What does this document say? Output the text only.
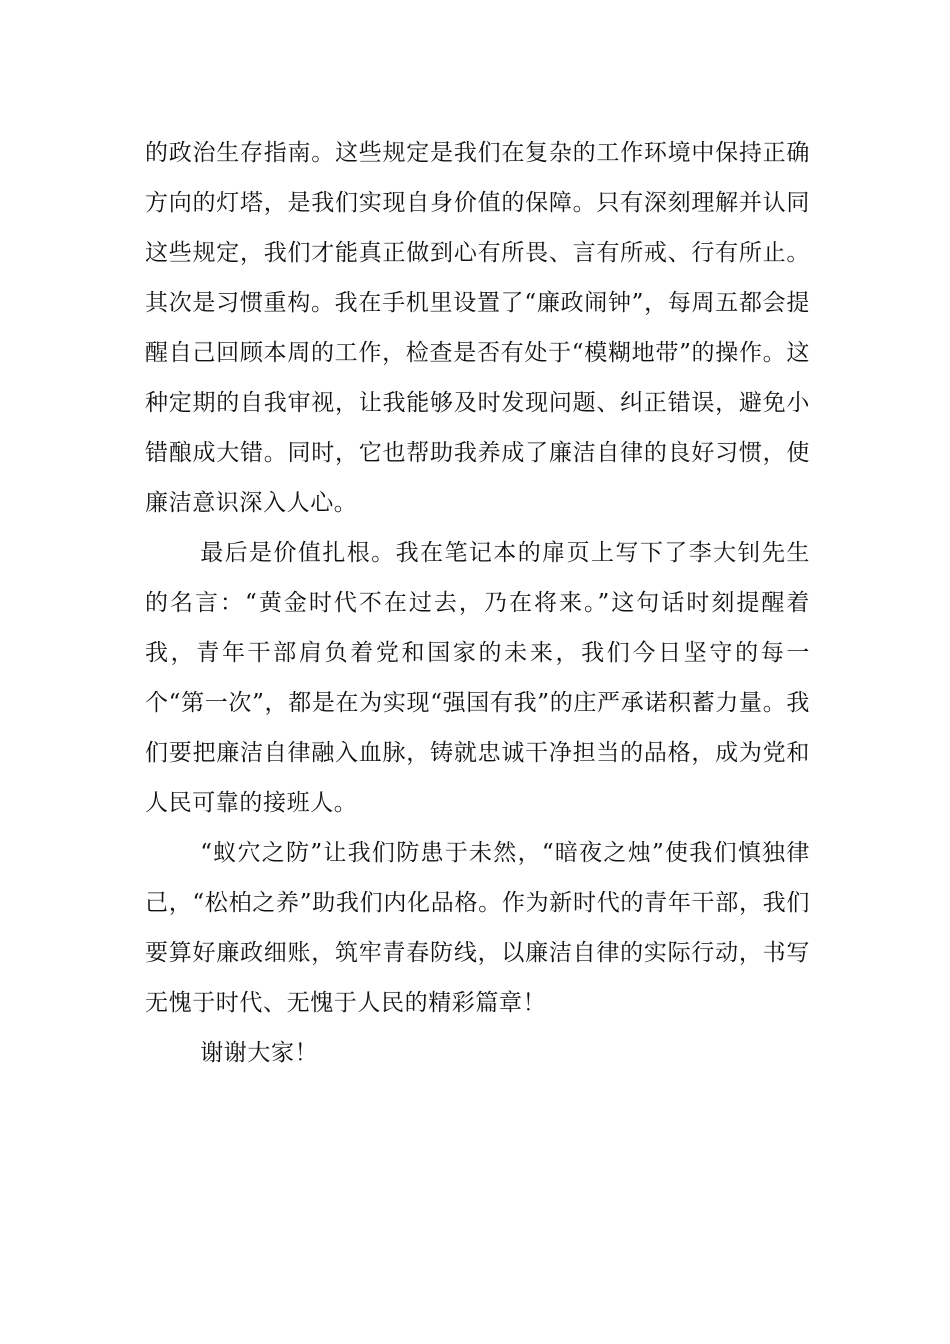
的政治生存指南。这些规定是我们在复杂的工作环境中保持正确方向的灯塔，是我们实现自身价值的保障。只有深刻理解并认同这些规定，我们才能真正做到心有所畏、言有所戒、行有所止。其次是习惯重构。我在手机里设置了“廉政闹钟”，每周五都会提醒自己回顾本周的工作，检查是否有处于“模糊地带”的操作。这种定期的自我审视，让我能够及时发现问题、纠正错误，避免小错酿成大错。同时，它也帮助我养成了廉洁自律的良好习惯，使廉洁意识深入人心。

最后是价值扎根。我在笔记本的扉页上写下了李大钊先生的名言：“黄金时代不在过去，乃在将来。”这句话时刻提醒着我，青年干部肩负着党和国家的未来，我们今日坚守的每一个“第一次”，都是在为实现“强国有我”的庄严承诺积蓄力量。我们要把廉洁自律融入血脉，铸就忠诚干净担当的品格，成为党和人民可靠的接班人。

“蚁穴之防”让我们防患于未然，“暗夜之烛”使我们慎独律己，“松柏之养”助我们内化品格。作为新时代的青年干部，我们要算好廉政细账，筑牢青春防线，以廉洁自律的实际行动，书写无愧于时代、无愧于人民的精彩篇章！

谢谢大家！
